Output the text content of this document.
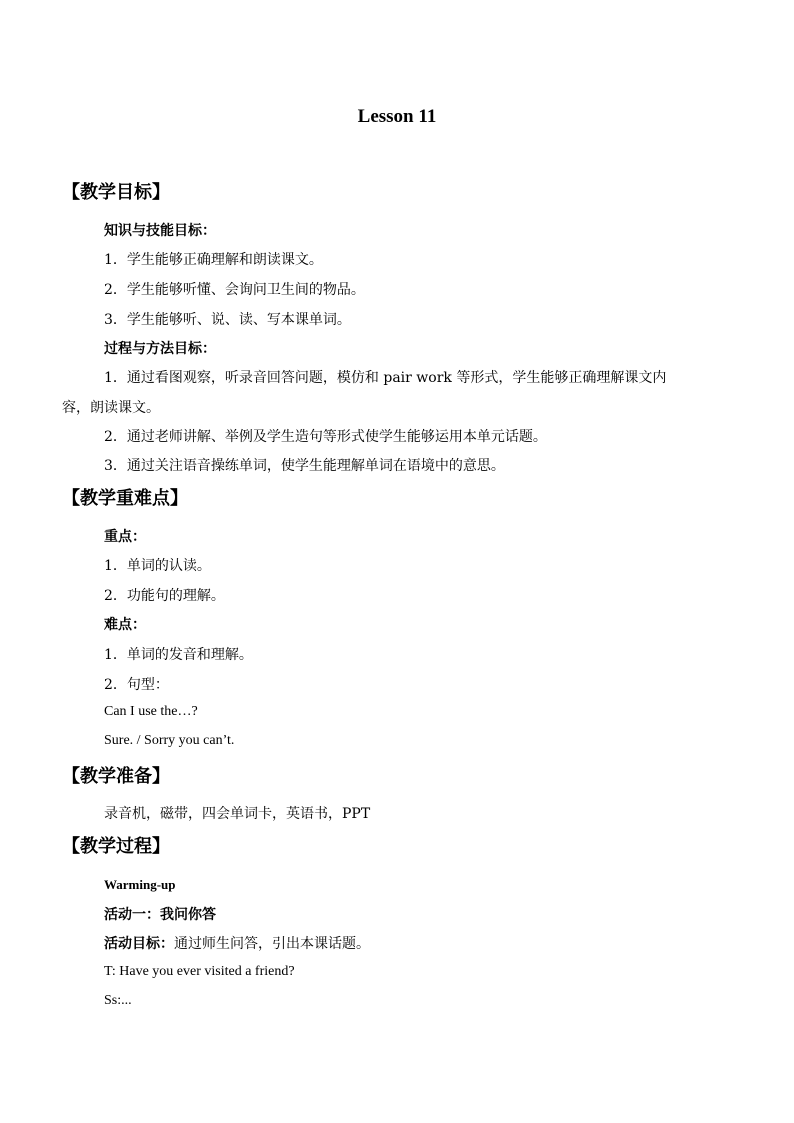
Lesson 11
【教学目标】
知识与技能目标：
1．学生能够正确理解和朗读课文。
2．学生能够听懂、会询问卫生间的物品。
3．学生能够听、说、读、写本课单词。
过程与方法目标：
1．通过看图观察，听录音回答问题，模仿和 pair work 等形式，学生能够正确理解课文内
容，朗读课文。
2．通过老师讲解、举例及学生造句等形式使学生能够运用本单元话题。
3．通过关注语音操练单词，使学生能理解单词在语境中的意思。
【教学重难点】
重点：
1．单词的认读。
2．功能句的理解。
难点：
1．单词的发音和理解。
2．句型：
Can I use the…?
Sure. / Sorry you can’t.
【教学准备】
录音机，磁带，四会单词卡，英语书，PPT
【教学过程】
Warming-up
活动一：我问你答
活动目标：通过师生问答，引出本课话题。
T: Have you ever visited a friend?
Ss:...
